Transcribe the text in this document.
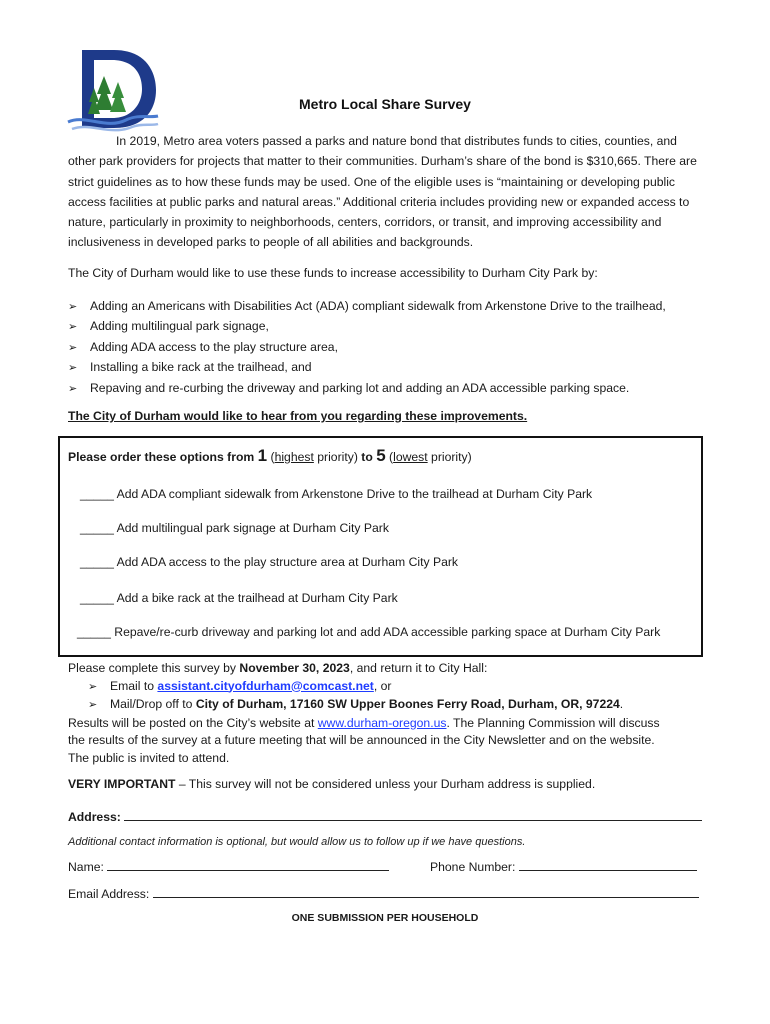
Metro Local Share Survey

In 2019, Metro area voters passed a parks and nature bond that distributes funds to cities, counties, and other park providers for projects that matter to their communities. Durham’s share of the bond is $310,665. There are strict guidelines as to how these funds may be used. One of the eligible uses is “maintaining or developing public access facilities at public parks and natural areas.” Additional criteria includes providing new or expanded access to nature, particularly in proximity to neighborhoods, centers, corridors, or transit, and improving accessibility and inclusiveness in developed parks to people of all abilities and backgrounds.

The City of Durham would like to use these funds to increase accessibility to Durham City Park by:

➢ Adding an Americans with Disabilities Act (ADA) compliant sidewalk from Arkenstone Drive to the trailhead,
➢ Adding multilingual park signage,
➢ Adding ADA access to the play structure area,
➢ Installing a bike rack at the trailhead, and
➢ Repaving and re-curbing the driveway and parking lot and adding an ADA accessible parking space.
The City of Durham would like to hear from you regarding these improvements.
Please order these options from 1 (highest priority) to 5 (lowest priority)
_____ Add ADA compliant sidewalk from Arkenstone Drive to the trailhead at Durham City Park
_____ Add multilingual park signage at Durham City Park
_____ Add ADA access to the play structure area at Durham City Park
_____ Add a bike rack at the trailhead at Durham City Park
_____ Repave/re-curb driveway and parking lot and add ADA accessible parking space at Durham City Park
Please complete this survey by November 30, 2023, and return it to City Hall:
➢ Email to assistant.cityofdurham@comcast.net, or
➢ Mail/Drop off to City of Durham, 17160 SW Upper Boones Ferry Road, Durham, OR, 97224.
Results will be posted on the City’s website at www.durham-oregon.us. The Planning Commission will discuss
the results of the survey at a future meeting that will be announced in the City Newsletter and on the website.
The public is invited to attend.
VERY IMPORTANT – This survey will not be considered unless your Durham address is supplied.
Address:
Additional contact information is optional, but would allow us to follow up if we have questions.
Name:	Phone Number:
Email Address:
ONE SUBMISSION PER HOUSEHOLD
